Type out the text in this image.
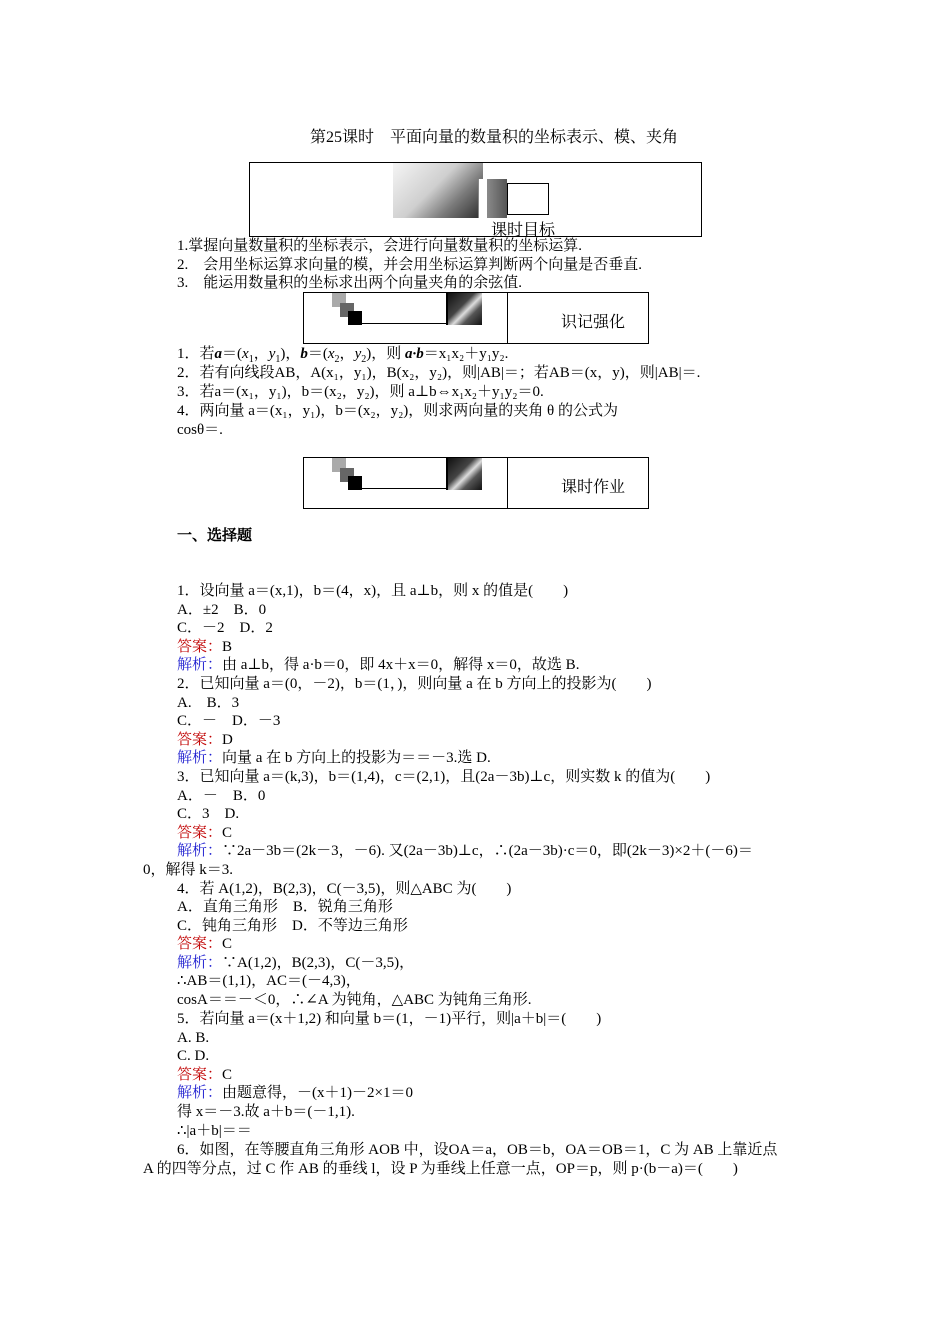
第25课时　平面向量的数量积的坐标表示、模、夹角
课时目标
1.掌握向量数量积的坐标表示，会进行向量数量积的坐标运算.
2.　会用坐标运算求向量的模，并会用坐标运算判断两个向量是否垂直.
3.　能运用数量积的坐标求出两个向量夹角的余弦值.
识记强化
1．若$a=(x_1$，$y_1$)，$b=(x_2$，$y_2$)，则 a·b＝x₁x₂＋y₁y₂.
2．若有向线段AB，A(x₁，y₁)，B(x₂，y₂)，则|AB|＝；若AB＝(x，y)，则|AB|＝.
3．若a＝(x₁，y₁)，b＝(x₂，y₂)，则 a⊥b⇔x₁x₂＋y₁y₂＝0.
4．两向量 a＝(x₁，y₁)，b＝(x₂，y₂)，则求两向量的夹角 θ 的公式为
cosθ＝.
课时作业
一、选择题
1．设向量 a＝(x,1)，b＝(4，x)，且 a⊥b，则 x 的值是(　　)
A．±2　B．0
C．－2　D．2
答案：B
解析：由 a⊥b，得 a·b＝0，即 4x＋x＝0，解得 x＝0，故选 B.
2．已知向量 a＝(0，－2)，b＝(1，)，则向量 a 在 b 方向上的投影为(　　)
A.　B．3
C．－　D．－3
答案：D
解析：向量 a 在 b 方向上的投影为＝＝－3.选 D.
3．已知向量 a＝(k,3)，b＝(1,4)，c＝(2,1)，且(2a－3b)⊥c，则实数 k 的值为(　　)
A．－　B．0
C．3　D.
答案：C
解析：∵2a－3b＝(2k－3，－6). 又(2a－3b)⊥c，∴(2a－3b)·c＝0，即(2k－3)×2＋(－6)＝
0，解得 k＝3.
4．若 A(1,2)，B(2,3)，C(－3,5)，则△ABC 为(　　)
A．直角三角形　B．锐角三角形
C．钝角三角形　D．不等边三角形
答案：C
解析：∵A(1,2)，B(2,3)，C(－3,5)，
∴AB＝(1,1)，AC＝(－4,3)，
cosA＝＝－＜0，∴∠A 为钝角，△ABC 为钝角三角形.
5．若向量 a＝(x＋1,2) 和向量 b＝(1，－1)平行，则|a＋b|＝(　　)
A. B.
C. D.
答案：C
解析：由题意得，－(x＋1)－2×1＝0
得 x＝－3.故 a＋b＝(－1,1).
∴|a＋b|＝＝
6．如图，在等腰直角三角形 AOB 中，设OA＝a，OB＝b，OA＝OB＝1，C 为 AB 上靠近点
A 的四等分点，过 C 作 AB 的垂线 l，设 P 为垂线上任意一点，OP＝p，则 p·(b－a)＝(　　)
